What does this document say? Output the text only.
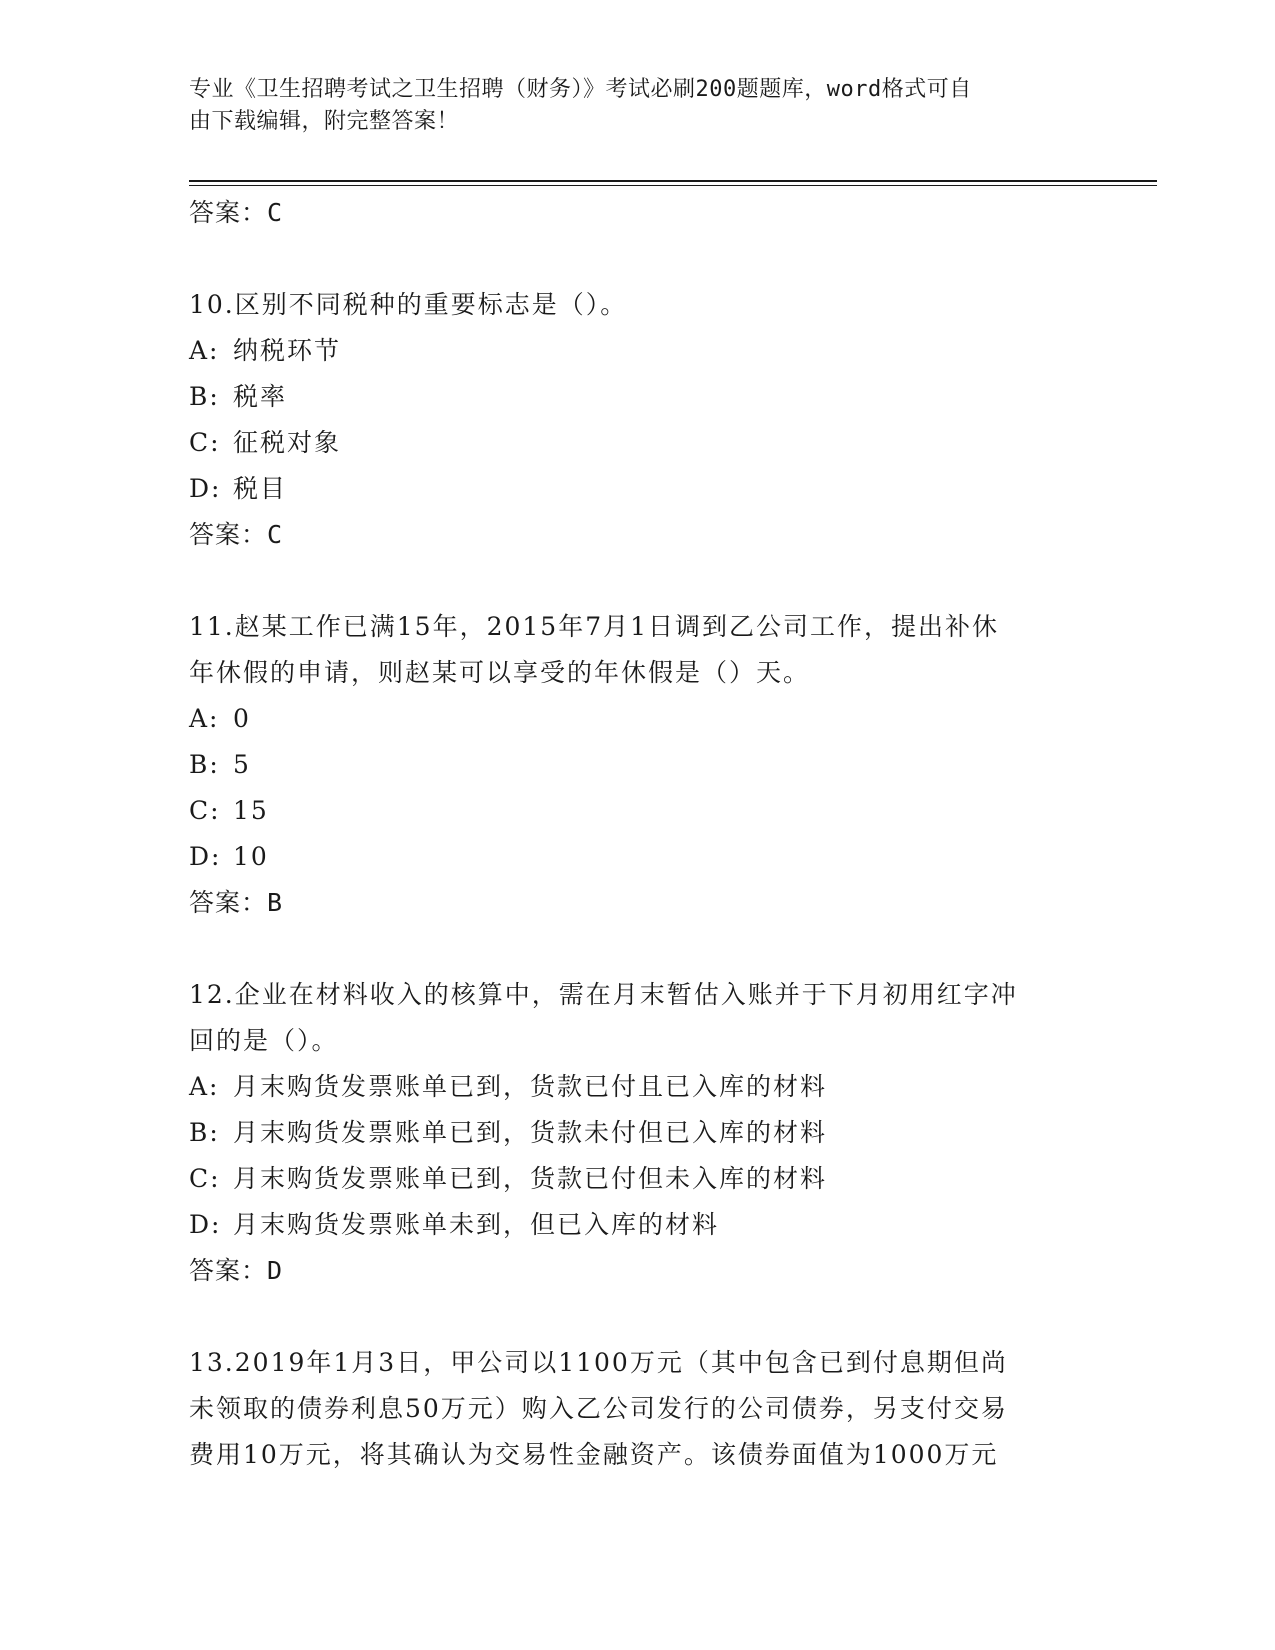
专业《卫生招聘考试之卫生招聘（财务）》考试必刷200题题库，word格式可自
由下载编辑，附完整答案！
答案：C
10.区别不同税种的重要标志是（）。
A: 纳税环节
B: 税率
C: 征税对象
D: 税目
答案：C
11.赵某工作已满15年，2015年7月1日调到乙公司工作，提出补休
年休假的申请，则赵某可以享受的年休假是（）天。
A: 0
B: 5
C: 15
D: 10
答案：B
12.企业在材料收入的核算中，需在月末暂估入账并于下月初用红字冲
回的是（）。
A: 月末购货发票账单已到，货款已付且已入库的材料
B: 月末购货发票账单已到，货款未付但已入库的材料
C: 月末购货发票账单已到，货款已付但未入库的材料
D: 月末购货发票账单未到，但已入库的材料
答案：D
13.2019年1月3日，甲公司以1100万元（其中包含已到付息期但尚
未领取的债券利息50万元）购入乙公司发行的公司债券，另支付交易
费用10万元，将其确认为交易性金融资产。该债券面值为1000万元
